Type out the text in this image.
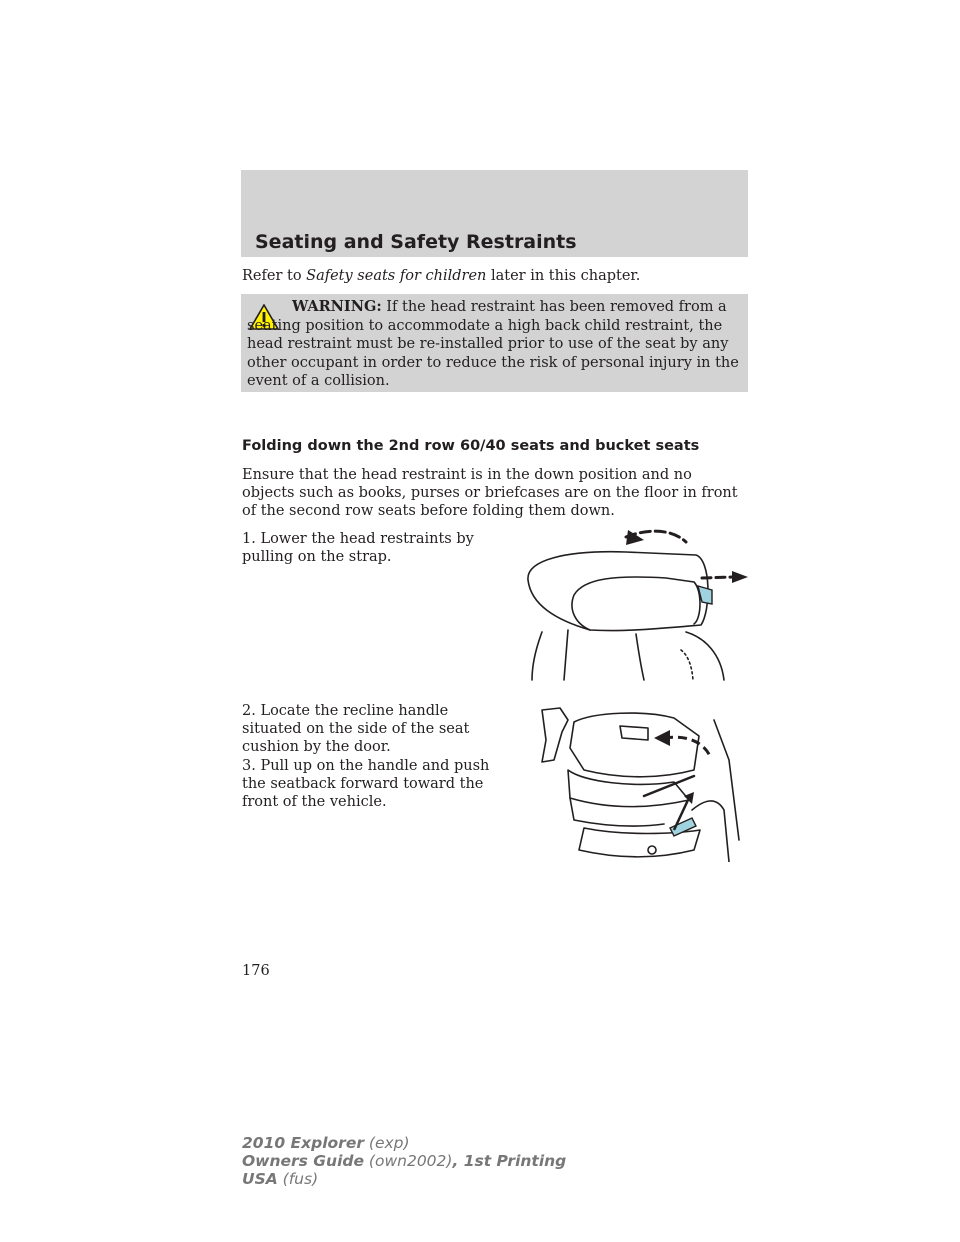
Seating and Safety Restraints
Refer to Safety seats for children later in this chapter.
WARNING: If the head restraint has been removed from a seating position to accommodate a high back child restraint, the head restraint must be re-installed prior to use of the seat by any other occupant in order to reduce the risk of personal injury in the event of a collision.
Folding down the 2nd row 60/40 seats and bucket seats
Ensure that the head restraint is in the down position and no objects such as books, purses or briefcases are on the floor in front of the second row seats before folding them down.
1. Lower the head restraints by pulling on the strap.
2. Locate the recline handle situated on the side of the seat cushion by the door.
3. Pull up on the handle and push the seatback forward toward the front of the vehicle.
176
2010 Explorer (exp)
Owners Guide (own2002), 1st Printing
USA (fus)
